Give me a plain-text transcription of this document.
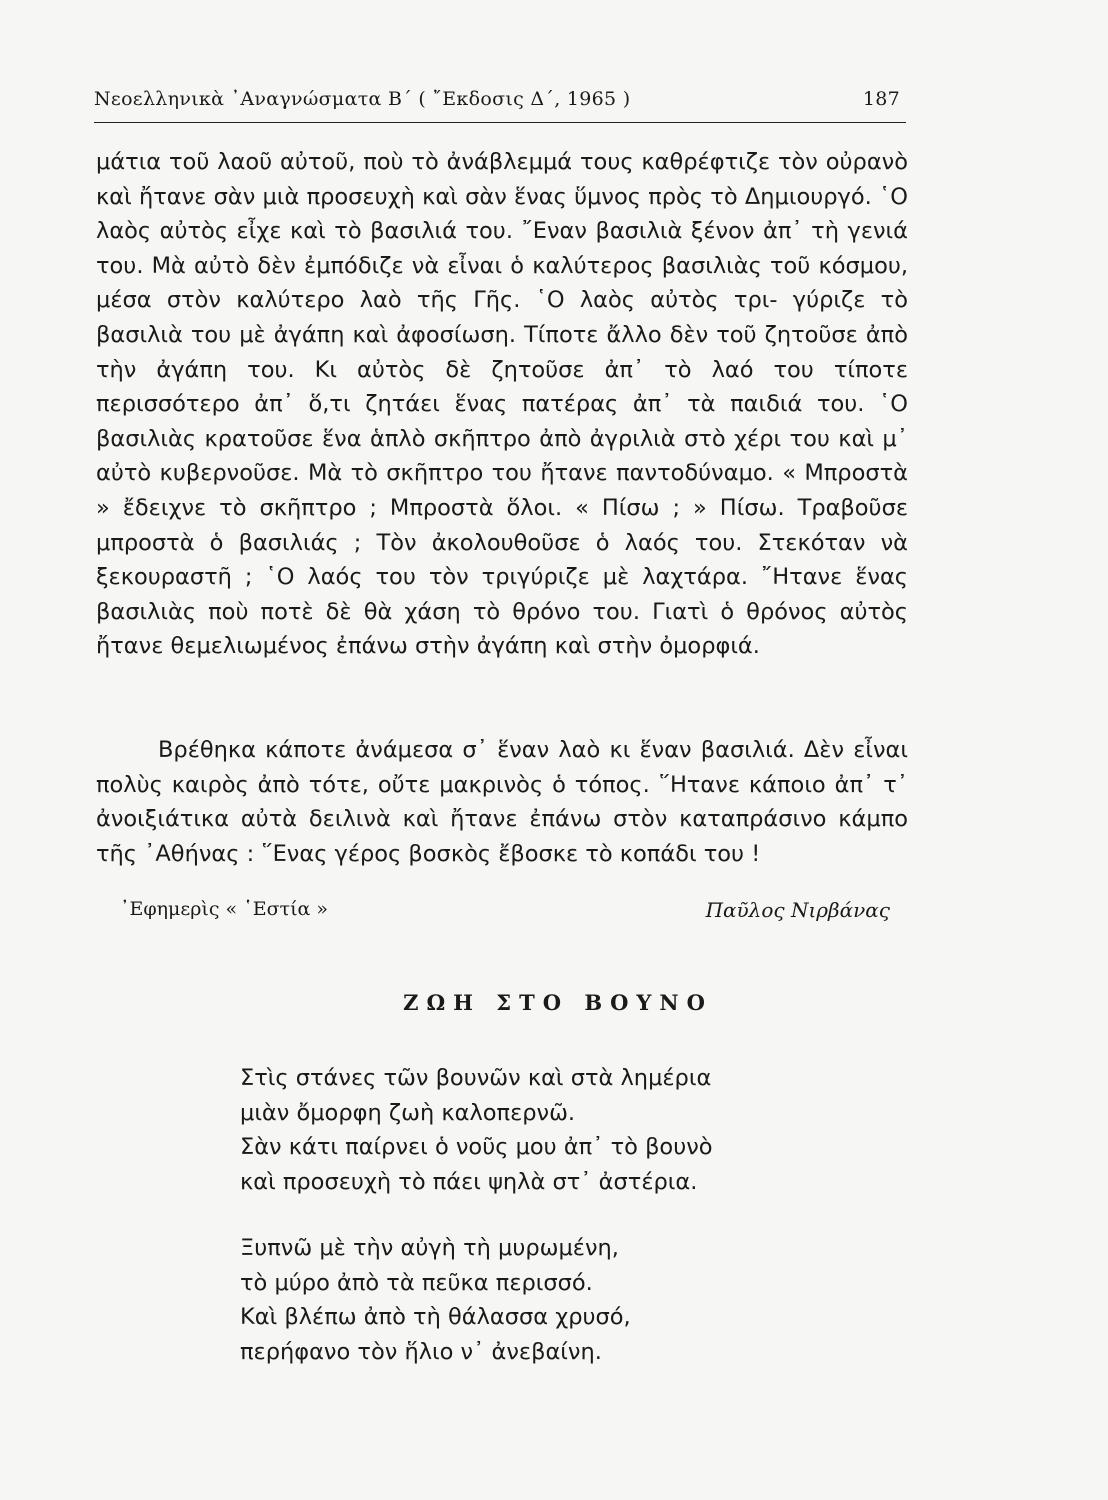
Νεοελληνικὰ ᾽Αναγνώσματα Β΄ ( ῎Εκδοσις Δ΄, 1965 )	187

μάτια τοῦ λαοῦ αὐτοῦ, ποὺ τὸ ἀνάβλεμμά τους καθρέφτιζε τὸν οὐρανὸ καὶ ἤτανε σὰν μιὰ προσευχὴ καὶ σὰν ἕνας ὕμνος πρὸς τὸ Δημιουργό. ῾Ο λαὸς αὐτὸς εἶχε καὶ τὸ βασιλιά του. ῎Εναν βασιλιὰ ξένον ἀπ᾽ τὴ γενιά του. Μὰ αὐτὸ δὲν ἐμπόδιζε νὰ εἶναι ὁ καλύτερος βασιλιὰς τοῦ κόσμου, μέσα στὸν καλύτερο λαὸ τῆς Γῆς. ῾Ο λαὸς αὐτὸς τρι- γύριζε τὸ βασιλιὰ του μὲ ἀγάπη καὶ ἀφοσίωση. Τίποτε ἄλλο δὲν τοῦ ζητοῦσε ἀπὸ τὴν ἀγάπη του. Κι αὐτὸς δὲ ζητοῦσε ἀπ᾽ τὸ λαό του τίποτε περισσότερο ἀπ᾽ ὅ,τι ζητάει ἕνας πατέρας ἀπ᾽ τὰ παιδιά του. ῾Ο βασιλιὰς κρατοῦσε ἕνα ἁπλὸ σκῆπτρο ἀπὸ ἀγριλιὰ στὸ χέρι του καὶ μ᾽ αὐτὸ κυβερνοῦσε. Μὰ τὸ σκῆπτρο του ἤτανε παντοδύναμο. « Μπροστὰ » ἔδειχνε τὸ σκῆπτρο ; Μπροστὰ ὅλοι. « Πίσω ; » Πίσω. Τραβοῦσε μπροστὰ ὁ βασιλιάς ; Τὸν ἀκολουθοῦσε ὁ λαός του. Στεκόταν νὰ ξεκουραστῆ ; ῾Ο λαός του τὸν τριγύριζε μὲ λαχτάρα. ῎Ητανε ἕνας βασιλιὰς ποὺ ποτὲ δὲ θὰ χάση τὸ θρόνο του. Γιατὶ ὁ θρόνος αὐτὸς ἤτανε θεμελιωμένος ἐπάνω στὴν ἀγάπη καὶ στὴν ὀμορφιά.

Βρέθηκα κάποτε ἀνάμεσα σ᾽ ἕναν λαὸ κι ἕναν βασιλιά. Δὲν εἶναι πολὺς καιρὸς ἀπὸ τότε, οὔτε μακρινὸς ὁ τόπος. ῞Ητανε κάποιο ἀπ᾽ τ᾽ ἀνοιξιάτικα αὐτὰ δειλινὰ καὶ ἤτανε ἐπάνω στὸν καταπράσινο κάμπο τῆς ᾽Αθήνας : ῞Ενας γέρος βοσκὸς ἔβοσκε τὸ κοπάδι του !

᾽Εφημερὶς « ῾Εστία »	Παῦλος Νιρβάνας
ΖΩΗ ΣΤΟ ΒΟΥΝΟ
Στὶς στάνες τῶν βουνῶν καὶ στὰ λημέρια
μιὰν ὄμορφη ζωὴ καλοπερνῶ.
Σὰν κάτι παίρνει ὁ νοῦς μου ἀπ᾽ τὸ βουνὸ
καὶ προσευχὴ τὸ πάει ψηλὰ στ᾽ ἀστέρια.
Ξυπνῶ μὲ τὴν αὐγὴ τὴ μυρωμένη,
τὸ μύρο ἀπὸ τὰ πεῦκα περισσό.
Καὶ βλέπω ἀπὸ τὴ θάλασσα χρυσό,
περήφανο τὸν ἥλιο ν᾽ ἀνεβαίνη.
